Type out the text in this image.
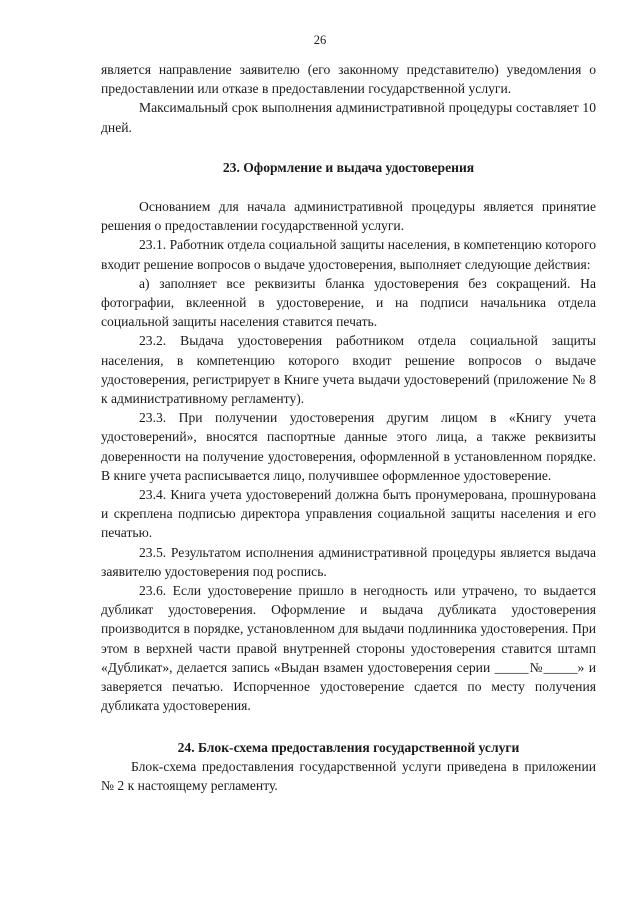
26

является направление заявителю (его законному представителю) уведомления о предоставлении или отказе в предоставлении государственной услуги.

Максимальный срок выполнения административной процедуры составляет 10 дней.

23. Оформление и выдача удостоверения

Основанием для начала административной процедуры является принятие решения о предоставлении государственной услуги.

23.1. Работник отдела социальной защиты населения, в компетенцию которого входит решение вопросов о выдаче удостоверения, выполняет следующие действия:

а) заполняет все реквизиты бланка удостоверения без сокращений. На фотографии, вклеенной в удостоверение, и на подписи начальника отдела социальной защиты населения ставится печать.

23.2. Выдача удостоверения работником отдела социальной защиты населения, в компетенцию которого входит решение вопросов о выдаче удостоверения, регистрирует в Книге учета выдачи удостоверений (приложение № 8 к административному регламенту).

23.3. При получении удостоверения другим лицом в «Книгу учета удостоверений», вносятся паспортные данные этого лица, а также реквизиты доверенности на получение удостоверения, оформленной в установленном порядке. В книге учета расписывается лицо, получившее оформленное удостоверение.

23.4. Книга учета удостоверений должна быть пронумерована, прошнурована и скреплена подписью директора управления социальной защиты населения и его печатью.

23.5. Результатом исполнения административной процедуры является выдача заявителю удостоверения под роспись.

23.6. Если удостоверение пришло в негодность или утрачено, то выдается дубликат удостоверения. Оформление и выдача дубликата удостоверения производится в порядке, установленном для выдачи подлинника удостоверения. При этом в верхней части правой внутренней стороны удостоверения ставится штамп «Дубликат», делается запись «Выдан взамен удостоверения серии _____№_____» и заверяется печатью. Испорченное удостоверение сдается по месту получения дубликата удостоверения.

24. Блок-схема предоставления государственной услуги

Блок-схема предоставления государственной услуги приведена в приложении № 2 к настоящему регламенту.
